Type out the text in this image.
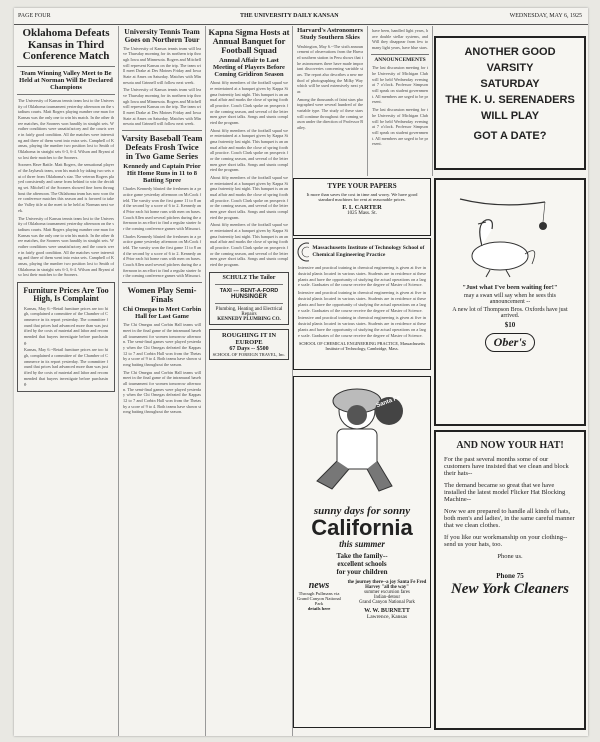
PAGE FOUR	THE UNIVERSITY DAILY KANSAN	WEDNESDAY, MAY 6, 1925
Oklahoma Defeats Kansas in Third Conference Match
Team Winning Valley Meet to Be Held at Norman Will Be Declared Champions
The University of Kansas tennis team lost to the University of Oklahoma tournament yesterday afternoon on the stadium courts. Matt Rogers playing number one man for Kansas was the only one to win his match. In the other three matches, the Sooners won handily in straight sets. Weather conditions were unsatisfactory and the courts were in fairly good condition. All the matches were interesting and three of them went into extra sets. Campbell of Kansas, playing the number two position lost to Smith of Oklahoma in straight sets 6-3, 6-4. Wilson and Bryant also lost their matches to the Sooners.
Sooners Have Battle. Matt Rogers, the sensational player of the Jayhawk team, won his match by taking two sets out of three from Oklahoma's star. The veteran Rogers played consistently and came from behind to win the deciding set. Mitchell of the Sooners showed fine form throughout the afternoon. The Oklahoma team has now won three conference matches this season and is favored to take the Valley title at the meet to be held at Norman next week.
The University of Kansas tennis team lost to the University of Oklahoma tournament yesterday afternoon on the stadium courts. Matt Rogers playing number one man for Kansas was the only one to win his match. In the other three matches, the Sooners won handily in straight sets. Weather conditions were unsatisfactory and the courts were in fairly good condition. All the matches were interesting and three of them went into extra sets. Campbell of Kansas, playing the number two position lost to Smith of Oklahoma in straight sets 6-3, 6-4. Wilson and Bryant also lost their matches to the Sooners.
Furniture Prices Are Too High, Is Complaint
Kansas, May 6.--Retail furniture prices are too high, complained a committee of the Chamber of Commerce in its report yesterday. The committee found that prices had advanced more than was justified by the costs of material and labor and recommended that buyers investigate before purchasing.
Kansas, May 6.--Retail furniture prices are too high, complained a committee of the Chamber of Commerce in its report yesterday. The committee found that prices had advanced more than was justified by the costs of material and labor and recommended that buyers investigate before purchasing.
University Tennis Team Goes on Northern Tour
The University of Kansas tennis team will leave Thursday morning for its northern trip through Iowa and Minnesota. Rogers and Mitchell will represent Kansas on the trip. The team will meet Drake at Des Moines Friday and Iowa State at Ames on Saturday. Matches with Minnesota and Grinnell will follow next week.
The University of Kansas tennis team will leave Thursday morning for its northern trip through Iowa and Minnesota. Rogers and Mitchell will represent Kansas on the trip. The team will meet Drake at Des Moines Friday and Iowa State at Ames on Saturday. Matches with Minnesota and Grinnell will follow next week.
Varsity Baseball Team Defeats Frosh Twice in Two Game Series
Kennedy and Captain Prior Hit Home Runs in 11 to 8 Batting Spree
Charles Kennedy blasted the freshmen in a practice game yesterday afternoon on McCook field. The varsity won the first game 11 to 8 and the second by a score of 6 to 2. Kennedy and Prior each hit home runs with men on bases. Coach Allen used several pitchers during the afternoon in an effort to find a regular starter for the coming conference games with Missouri.
Charles Kennedy blasted the freshmen in a practice game yesterday afternoon on McCook field. The varsity won the first game 11 to 8 and the second by a score of 6 to 2. Kennedy and Prior each hit home runs with men on bases. Coach Allen used several pitchers during the afternoon in an effort to find a regular starter for the coming conference games with Missouri.
Women Play Semi-Finals
Chi Omegas to Meet Corbin Hall for Last Game
The Chi Omegas and Corbin Hall teams will meet in the final game of the intramural baseball tournament for women tomorrow afternoon. The semi-final games were played yesterday when the Chi Omegas defeated the Kappas 12 to 7 and Corbin Hall won from the Thetas by a score of 9 to 4. Both teams have shown strong batting throughout the season.
The Chi Omegas and Corbin Hall teams will meet in the final game of the intramural baseball tournament for women tomorrow afternoon. The semi-final games were played yesterday when the Chi Omegas defeated the Kappas 12 to 7 and Corbin Hall won from the Thetas by a score of 9 to 4. Both teams have shown strong batting throughout the season.
Kapna Sigma Hosts at Annual Banquet for Football Squad
Annual Affair to Last Meeting of Players Before Coming Gridiron Season
About fifty members of the football squad were entertained at a banquet given by Kappa Sigma fraternity last night. This banquet is an annual affair and marks the close of spring football practice. Coach Clark spoke on prospects for the coming season, and several of the lettermen gave short talks. Songs and stunts completed the program.
About fifty members of the football squad were entertained at a banquet given by Kappa Sigma fraternity last night. This banquet is an annual affair and marks the close of spring football practice. Coach Clark spoke on prospects for the coming season, and several of the lettermen gave short talks. Songs and stunts completed the program.
About fifty members of the football squad were entertained at a banquet given by Kappa Sigma fraternity last night. This banquet is an annual affair and marks the close of spring football practice. Coach Clark spoke on prospects for the coming season, and several of the lettermen gave short talks. Songs and stunts completed the program.
About fifty members of the football squad were entertained at a banquet given by Kappa Sigma fraternity last night. This banquet is an annual affair and marks the close of spring football practice. Coach Clark spoke on prospects for the coming season, and several of the lettermen gave short talks. Songs and stunts completed the program.
SCHULZ The Tailor
TAXI --- RENT-A-FORD
HUNSINGER
Plumbing, Heating and Electrical Repairs
KENNEDY PLUMBING CO.
ROUGHING IT IN EUROPE
67 Days -- $500
SCHOOL OF FOREIGN TRAVEL, Inc.
Harvard's Astronomers Study Southern Skies
Washington, May 6.--The sixth announcement of observations from the Harvard southern station in Peru shows that the astronomers there have made important discoveries concerning variable stars. The report also describes a new method of photographing the Milky Way which will be used extensively next year.
Among the thousands of faint stars photographed were several hundred of the variable type. The study of these stars will continue throughout the coming season under the direction of Professor Bailey.
have been, handled light years, have double stellar systems, and Will they disappear from few to many light years, have blue stars.
ANNOUNCEMENTS
The last discussion meeting for the University of Michigan Club will be held Wednesday evening at 7 o'clock. Professor Simpson will speak on student government. All members are urged to be present.
The last discussion meeting for the University of Michigan Club will be held Wednesday evening at 7 o'clock. Professor Simpson will speak on student government. All members are urged to be present.
ANOTHER GOOD
VARSITY
SATURDAY
THE K. U. SERENADERS
WILL PLAY
GOT A DATE?
TYPE YOUR PAPERS
It more than saves the cost in time and worry. We have good standard machines for rent at reasonable prices.
F. I. CARTER
1025 Mass. St.
Massachusetts Institute of Technology School of Chemical Engineering Practice
Intensive and practical training in chemical engineering is given at five industrial plants located in various states. Students are in residence at these plants and have the opportunity of studying the actual operations on a large scale. Graduates of the course receive the degree of Master of Science.
Intensive and practical training in chemical engineering is given at five industrial plants located in various states. Students are in residence at these plants and have the opportunity of studying the actual operations on a large scale. Graduates of the course receive the degree of Master of Science.
Intensive and practical training in chemical engineering is given at five industrial plants located in various states. Students are in residence at these plants and have the opportunity of studying the actual operations on a large scale. Graduates of the course receive the degree of Master of Science.
SCHOOL OF CHEMICAL ENGINEERING PRACTICE, Massachusetts Institute of Technology, Cambridge, Mass.
"Just what I've been waiting for!"
may a swan will say when he sees this announcement --
A new lot of Thompson Bros. Oxfords have just arrived.
$10
Ober's
Santa Fe
sunny days for sonny
California
this summer
Take the family-- excellent schools for your children
news
Through Pullmans via Grand Canyon National Park
details here
the journey there--a joy Santa Fe Fred Harvey "all the way"
summer excursion fares
Indian-detour
Grand Canyon National Park
W. W. BURNETT
Lawrence, Kansas
AND NOW YOUR HAT!
For the past several months some of our customers have insisted that we clean and block their hats--
The demand became so great that we have installed the latest model Flicker Hat Blocking Machine--
Now we are prepared to handle all kinds of hats, both men's and ladies', in the same careful manner that we clean clothes.
If you like our workmanship on your clothing--send us your hats, too.
Phone us.
Phone 75
New York Cleaners
